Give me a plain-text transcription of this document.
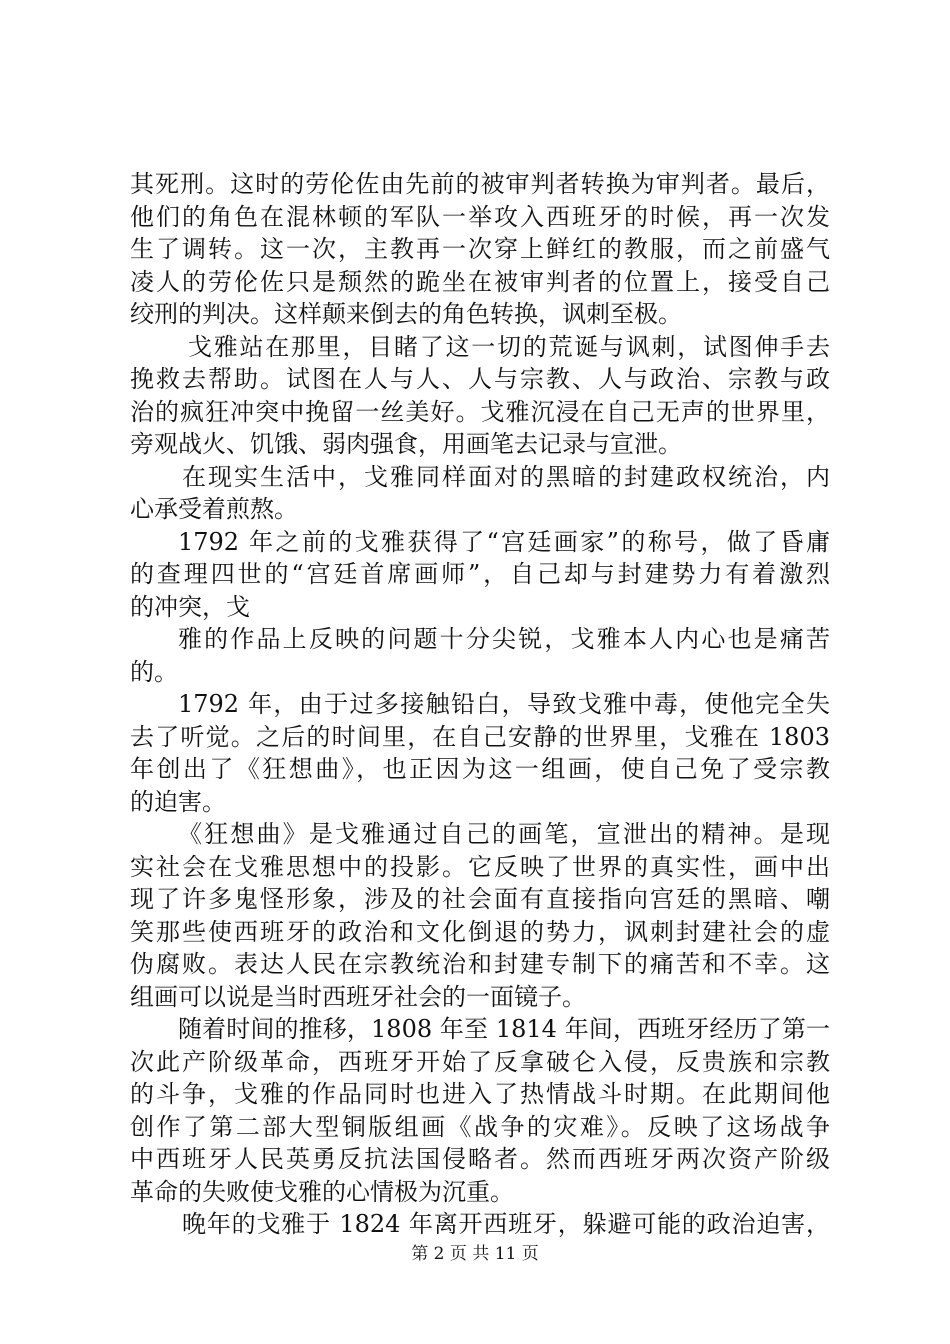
其死刑。这时的劳伦佐由先前的被审判者转换为审判者。最后，
他们的角色在混林顿的军队一举攻入西班牙的时候，再一次发
生了调转。这一次，主教再一次穿上鲜红的教服，而之前盛气
凌人的劳伦佐只是颓然的跪坐在被审判者的位置上，接受自己
绞刑的判决。这样颠来倒去的角色转换，讽刺至极。
戈雅站在那里，目睹了这一切的荒诞与讽刺，试图伸手去
挽救去帮助。试图在人与人、人与宗教、人与政治、宗教与政
治的疯狂冲突中挽留一丝美好。戈雅沉浸在自己无声的世界里，
旁观战火、饥饿、弱肉强食，用画笔去记录与宣泄。
在现实生活中，戈雅同样面对的黑暗的封建政权统治，内
心承受着煎熬。
1792 年之前的戈雅获得了“宫廷画家”的称号，做了昏庸
的查理四世的“宫廷首席画师”，自己却与封建势力有着激烈
的冲突，戈
雅的作品上反映的问题十分尖锐，戈雅本人内心也是痛苦
的。
1792 年，由于过多接触铅白，导致戈雅中毒，使他完全失
去了听觉。之后的时间里，在自己安静的世界里，戈雅在 1803
年创出了《狂想曲》，也正因为这一组画，使自己免了受宗教
的迫害。
《狂想曲》是戈雅通过自己的画笔，宣泄出的精神。是现
实社会在戈雅思想中的投影。它反映了世界的真实性，画中出
现了许多鬼怪形象，涉及的社会面有直接指向宫廷的黑暗、嘲
笑那些使西班牙的政治和文化倒退的势力，讽刺封建社会的虚
伪腐败。表达人民在宗教统治和封建专制下的痛苦和不幸。这
组画可以说是当时西班牙社会的一面镜子。
随着时间的推移，1808 年至 1814 年间，西班牙经历了第一
次此产阶级革命，西班牙开始了反拿破仑入侵，反贵族和宗教
的斗争，戈雅的作品同时也进入了热情战斗时期。在此期间他
创作了第二部大型铜版组画《战争的灾难》。反映了这场战争
中西班牙人民英勇反抗法国侵略者。然而西班牙两次资产阶级
革命的失败使戈雅的心情极为沉重。
晚年的戈雅于 1824 年离开西班牙，躲避可能的政治迫害，
第 2 页 共 11 页
